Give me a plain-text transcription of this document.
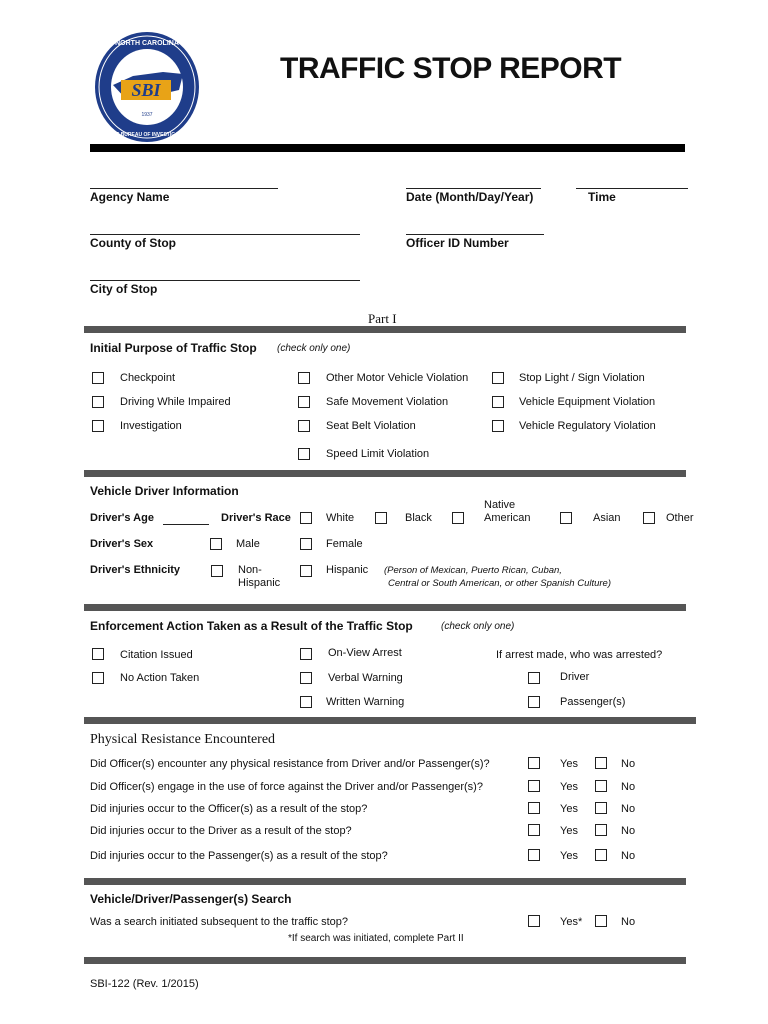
SBI
1937
NORTH CAROLINA
STATE BUREAU OF INVESTIGATION
TRAFFIC STOP REPORT
Agency Name	Date (Month/Day/Year)	Time
County of Stop	Officer ID Number
City of Stop
Part I
Initial Purpose of Traffic Stop (check only one)
Checkpoint
Driving While Impaired
Investigation
Other Motor Vehicle Violation
Safe Movement Violation
Seat Belt Violation
Speed Limit Violation
Stop Light / Sign Violation
Vehicle Equipment Violation
Vehicle Regulatory Violation
Vehicle Driver Information
Driver's Age	Driver's Race	White	Black
Native
American	Asian	Other
Driver's Sex	Male	Female
Driver's Ethnicity	Non-
Hispanic
Hispanic (Person of Mexican, Puerto Rican, Cuban,
Central or South American, or other Spanish Culture)
Enforcement Action Taken as a Result of the Traffic Stop	(check only one)
Citation Issued
No Action Taken
On-View Arrest
Verbal Warning
Written Warning
If arrest made, who was arrested?
Driver
Passenger(s)
Physical Resistance Encountered
Did Officer(s) encounter any physical resistance from Driver and/or Passenger(s)?	Yes	No
Did Officer(s) engage in the use of force against the Driver and/or Passenger(s)?	Yes	No
Did injuries occur to the Officer(s) as a result of the stop?	Yes	No
Did injuries occur to the Driver as a result of the stop?	Yes	No
Did injuries occur to the Passenger(s) as a result of the stop?	Yes	No
Vehicle/Driver/Passenger(s) Search
Was a search initiated subsequent to the traffic stop?	Yes*	No
*If search was initiated, complete Part II
SBI-122 (Rev. 1/2015)
